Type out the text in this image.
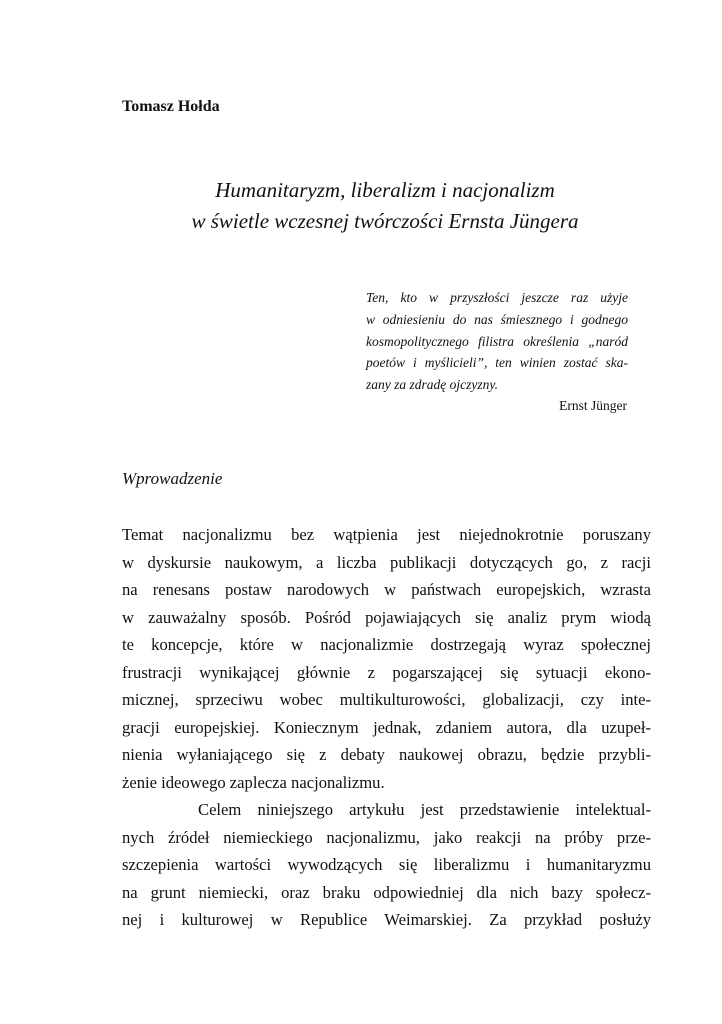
Tomasz Hołda
Humanitaryzm, liberalizm i nacjonalizm
w świetle wczesnej twórczości Ernsta Jüngera
Ten, kto w przyszłości jeszcze raz użyje
w odniesieniu do nas śmiesznego i godnego
kosmopolitycznego filistra określenia „naród
poetów i myślicieli”, ten winien zostać ska-
zany za zdradę ojczyzny.
Ernst Jünger
Wprowadzenie
Temat nacjonalizmu bez wątpienia jest niejednokrotnie poruszany
w dyskursie naukowym, a liczba publikacji dotyczących go, z racji
na renesans postaw narodowych w państwach europejskich, wzrasta
w zauważalny sposób. Pośród pojawiających się analiz prym wiodą
te koncepcje, które w nacjonalizmie dostrzegają wyraz społecznej
frustracji wynikającej głównie z pogarszającej się sytuacji ekono-
micznej, sprzeciwu wobec multikulturowości, globalizacji, czy inte-
gracji europejskiej. Koniecznym jednak, zdaniem autora, dla uzupeł-
nienia wyłaniającego się z debaty naukowej obrazu, będzie przybli-
żenie ideowego zaplecza nacjonalizmu.
Celem niniejszego artykułu jest przedstawienie intelektual-
nych źródeł niemieckiego nacjonalizmu, jako reakcji na próby prze-
szczepienia wartości wywodzących się liberalizmu i humanitaryzmu
na grunt niemiecki, oraz braku odpowiedniej dla nich bazy społecz-
nej i kulturowej w Republice Weimarskiej. Za przykład posłuży
